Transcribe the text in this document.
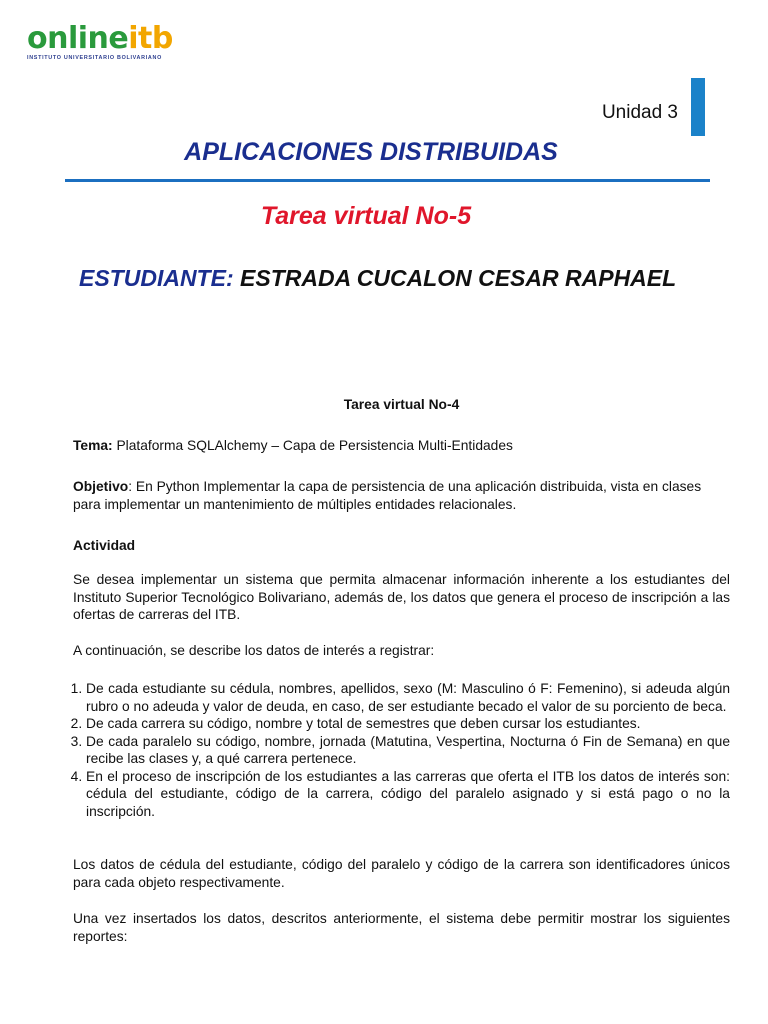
onlineitb
INSTITUTO UNIVERSITARIO BOLIVARIANO
Unidad 3
APLICACIONES DISTRIBUIDAS
Tarea virtual No-5
ESTUDIANTE: ESTRADA CUCALON CESAR RAPHAEL
Tarea virtual No-4
Tema: Plataforma SQLAlchemy – Capa de Persistencia Multi-Entidades
Objetivo: En Python Implementar la capa de persistencia de una aplicación distribuida, vista en clases para implementar un mantenimiento de múltiples entidades relacionales.
Actividad
Se desea implementar un sistema que permita almacenar información inherente a los estudiantes del Instituto Superior Tecnológico Bolivariano, además de, los datos que genera el proceso de inscripción a las ofertas de carreras del ITB.
A continuación, se describe los datos de interés a registrar:
1. De cada estudiante su cédula, nombres, apellidos, sexo (M: Masculino ó F: Femenino), si adeuda algún rubro o no adeuda y valor de deuda, en caso, de ser estudiante becado el valor de su porciento de beca.
2. De cada carrera su código, nombre y total de semestres que deben cursar los estudiantes.
3. De cada paralelo su código, nombre, jornada (Matutina, Vespertina, Nocturna ó Fin de Semana) en que recibe las clases y, a qué carrera pertenece.
4. En el proceso de inscripción de los estudiantes a las carreras que oferta el ITB los datos de interés son: cédula del estudiante, código de la carrera, código del paralelo asignado y si está pago o no la inscripción.
Los datos de cédula del estudiante, código del paralelo y código de la carrera son identificadores únicos para cada objeto respectivamente.
Una vez insertados los datos, descritos anteriormente, el sistema debe permitir mostrar los siguientes reportes:
